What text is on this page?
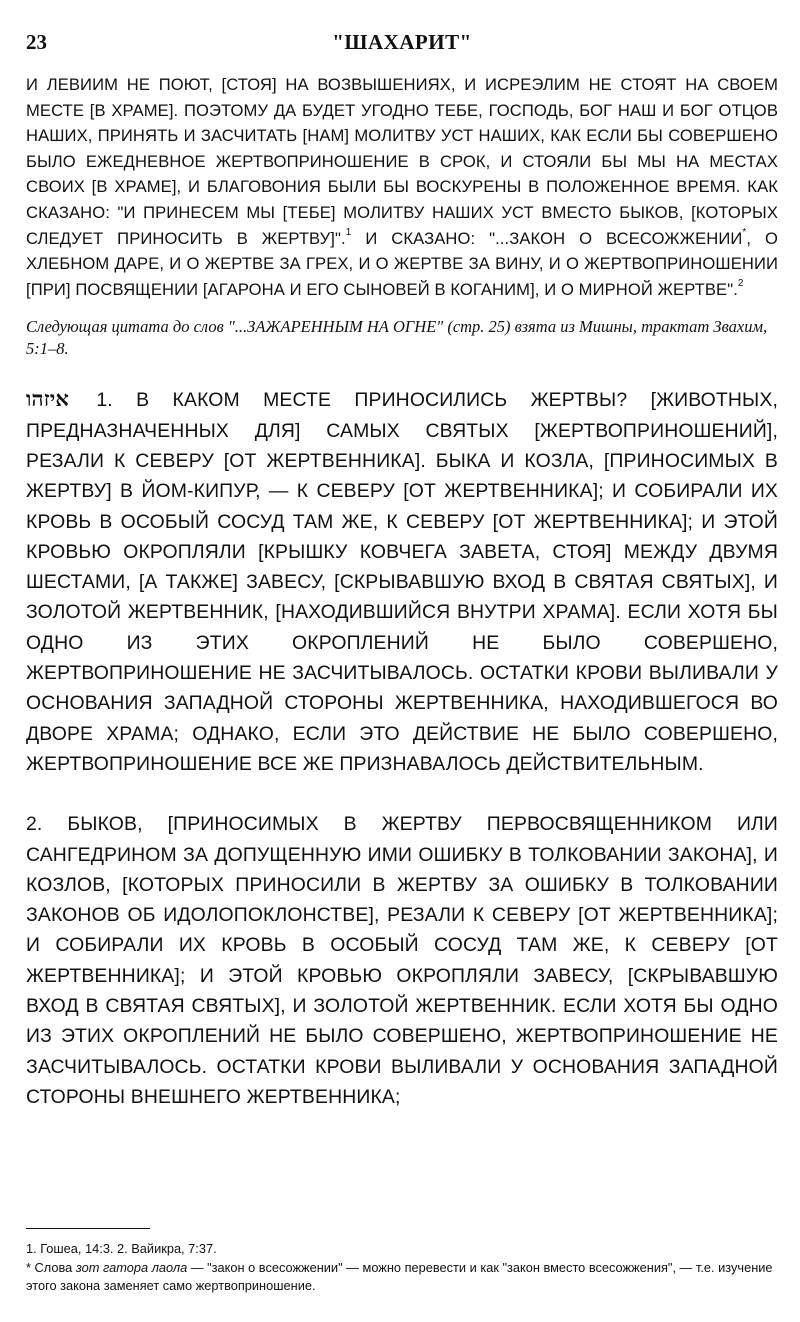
23	"ШАХАРИТ"

И ЛЕВИИМ НЕ ПОЮТ, [СТОЯ] НА ВОЗВЫШЕНИЯХ, И ИСРЕЭЛИМ НЕ СТОЯТ НА СВОЕМ МЕСТЕ [В ХРАМЕ]. ПОЭТОМУ ДА БУДЕТ УГОДНО ТЕБЕ, ГОСПОДЬ, БОГ НАШ И БОГ ОТЦОВ НАШИХ, ПРИНЯТЬ И ЗАСЧИТАТЬ [НАМ] МОЛИТВУ УСТ НАШИХ, КАК ЕСЛИ БЫ СОВЕРШЕНО БЫЛО ЕЖЕДНЕВНОЕ ЖЕРТВОПРИНОШЕНИЕ В СРОК, И СТОЯЛИ БЫ МЫ НА МЕСТАХ СВОИХ [В ХРАМЕ], И БЛАГОВОНИЯ БЫЛИ БЫ ВОСКУРЕНЫ В ПОЛОЖЕННОЕ ВРЕМЯ. КАК СКАЗАНО: "И ПРИНЕСЕМ МЫ [ТЕБЕ] МОЛИТВУ НАШИХ УСТ ВМЕСТО БЫКОВ, [КОТОРЫХ СЛЕДУЕТ ПРИНОСИТЬ В ЖЕРТВУ]".$^1$ И СКАЗАНО: "...ЗАКОН О ВСЕСОЖЖЕНИИ*, О ХЛЕБНОМ ДАРЕ, И О ЖЕРТВЕ ЗА ГРЕХ, И О ЖЕРТВЕ ЗА ВИНУ, И О ЖЕРТВОПРИНОШЕНИИ [ПРИ] ПОСВЯЩЕНИИ [АГАРОНА И ЕГО СЫНОВЕЙ В КОГАНИМ], И О МИРНОЙ ЖЕРТВЕ".$^2$

Следующая цитата до слов "...ЗАЖАРЕННЫМ НА ОГНЕ" (стр. 25) взята из Мишны, трактат Звахим, 5:1–8.

איזהו 1. В КАКОМ МЕСТЕ ПРИНОСИЛИСЬ ЖЕРТВЫ? [ЖИВОТНЫХ, ПРЕДНАЗНАЧЕННЫХ ДЛЯ] САМЫХ СВЯТЫХ [ЖЕРТВОПРИНОШЕНИЙ], РЕЗАЛИ К СЕВЕРУ [ОТ ЖЕРТВЕННИКА]. БЫКА И КОЗЛА, [ПРИНОСИМЫХ В ЖЕРТВУ] В ЙОМ-КИПУР, — К СЕВЕРУ [ОТ ЖЕРТВЕННИКА]; И СОБИРАЛИ ИХ КРОВЬ В ОСОБЫЙ СОСУД ТАМ ЖЕ, К СЕВЕРУ [ОТ ЖЕРТВЕННИКА]; И ЭТОЙ КРОВЬЮ ОКРОПЛЯЛИ [КРЫШКУ КОВЧЕГА ЗАВЕТА, СТОЯ] МЕЖДУ ДВУМЯ ШЕСТАМИ, [А ТАКЖЕ] ЗАВЕСУ, [СКРЫВАВШУЮ ВХОД В СВЯТАЯ СВЯТЫХ], И ЗОЛОТОЙ ЖЕРТВЕННИК, [НАХОДИВШИЙСЯ ВНУТРИ ХРАМА]. ЕСЛИ ХОТЯ БЫ ОДНО ИЗ ЭТИХ ОКРОПЛЕНИЙ НЕ БЫЛО СОВЕРШЕНО, ЖЕРТВОПРИНОШЕНИЕ НЕ ЗАСЧИТЫВАЛОСЬ. ОСТАТКИ КРОВИ ВЫЛИВАЛИ У ОСНОВАНИЯ ЗАПАДНОЙ СТОРОНЫ ЖЕРТВЕННИКА, НАХОДИВШЕГОСЯ ВО ДВОРЕ ХРАМА; ОДНАКО, ЕСЛИ ЭТО ДЕЙСТВИЕ НЕ БЫЛО СОВЕРШЕНО, ЖЕРТВОПРИНОШЕНИЕ ВСЕ ЖЕ ПРИЗНАВАЛОСЬ ДЕЙСТВИТЕЛЬНЫМ.

2. БЫКОВ, [ПРИНОСИМЫХ В ЖЕРТВУ ПЕРВОСВЯЩЕННИКОМ ИЛИ САНГЕДРИНОМ ЗА ДОПУЩЕННУЮ ИМИ ОШИБКУ В ТОЛКОВАНИИ ЗАКОНА], И КОЗЛОВ, [КОТОРЫХ ПРИНОСИЛИ В ЖЕРТВУ ЗА ОШИБКУ В ТОЛКОВАНИИ ЗАКОНОВ ОБ ИДОЛОПОКЛОНСТВЕ], РЕЗАЛИ К СЕВЕРУ [ОТ ЖЕРТВЕННИКА]; И СОБИРАЛИ ИХ КРОВЬ В ОСОБЫЙ СОСУД ТАМ ЖЕ, К СЕВЕРУ [ОТ ЖЕРТВЕННИКА]; И ЭТОЙ КРОВЬЮ ОКРОПЛЯЛИ ЗАВЕСУ, [СКРЫВАВШУЮ ВХОД В СВЯТАЯ СВЯТЫХ], И ЗОЛОТОЙ ЖЕРТВЕННИК. ЕСЛИ ХОТЯ БЫ ОДНО ИЗ ЭТИХ ОКРОПЛЕНИЙ НЕ БЫЛО СОВЕРШЕНО, ЖЕРТВОПРИНОШЕНИЕ НЕ ЗАСЧИТЫВАЛОСЬ. ОСТАТКИ КРОВИ ВЫЛИВАЛИ У ОСНОВАНИЯ ЗАПАДНОЙ СТОРОНЫ ВНЕШНЕГО ЖЕРТВЕННИКА;

1. Гошеа, 14:3. 2. Вайикра, 7:37.
* Слова зот гатора лаола — "закон о всесожжении" — можно перевести и как "закон вместо всесожжения", — т.е. изучение этого закона заменяет само жертвоприношение.
